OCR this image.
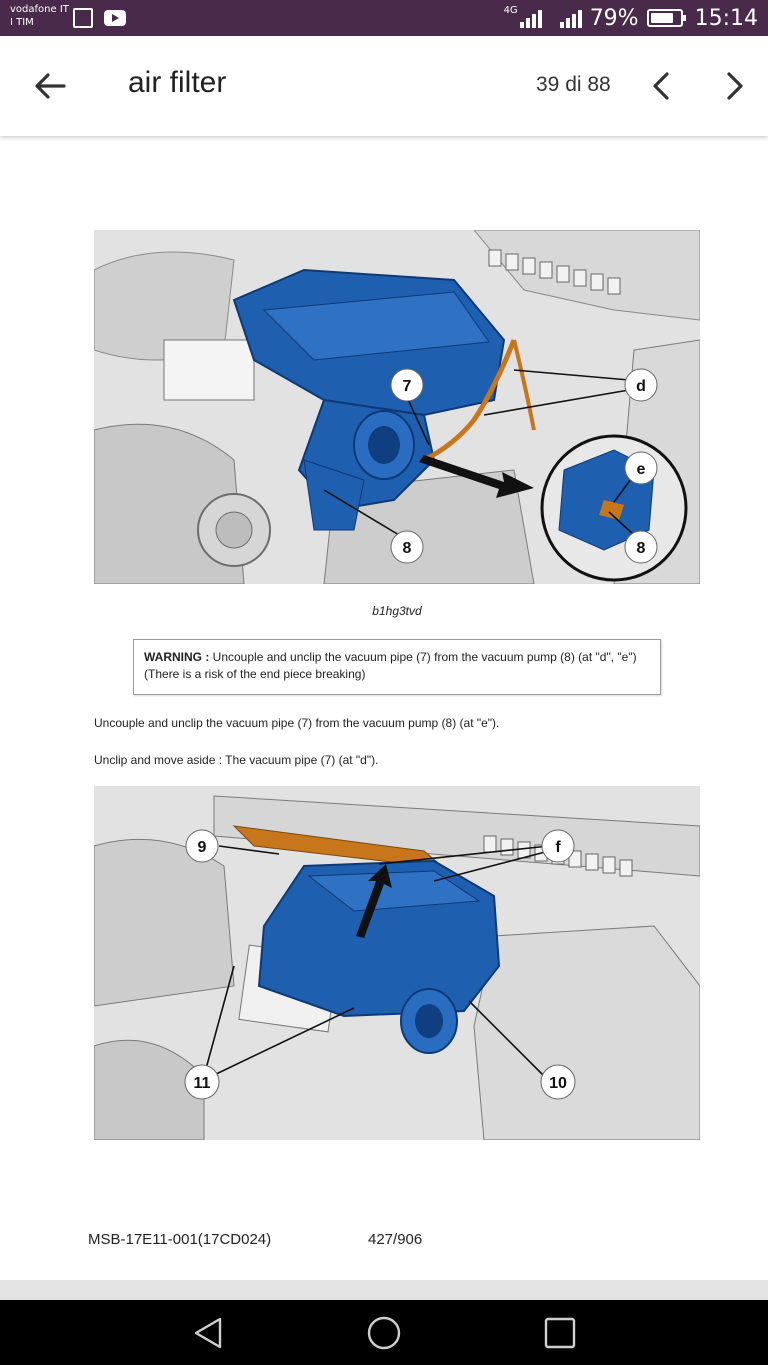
vodafone IT
I TIM
4G	79%	15:14
air filter	39 di 88
7	d
e
8	8
b1hg3tvd
WARNING : Uncouple and unclip the vacuum pipe (7) from the vacuum pump (8) (at "d", "e") (There is a risk of the end piece breaking)
Uncouple and unclip the vacuum pipe (7) from the vacuum pump (8) (at "e").
Unclip and move aside : The vacuum pipe (7) (at "d").
9	f
11	10
MSB-17E11-001(17CD024)	427/906
